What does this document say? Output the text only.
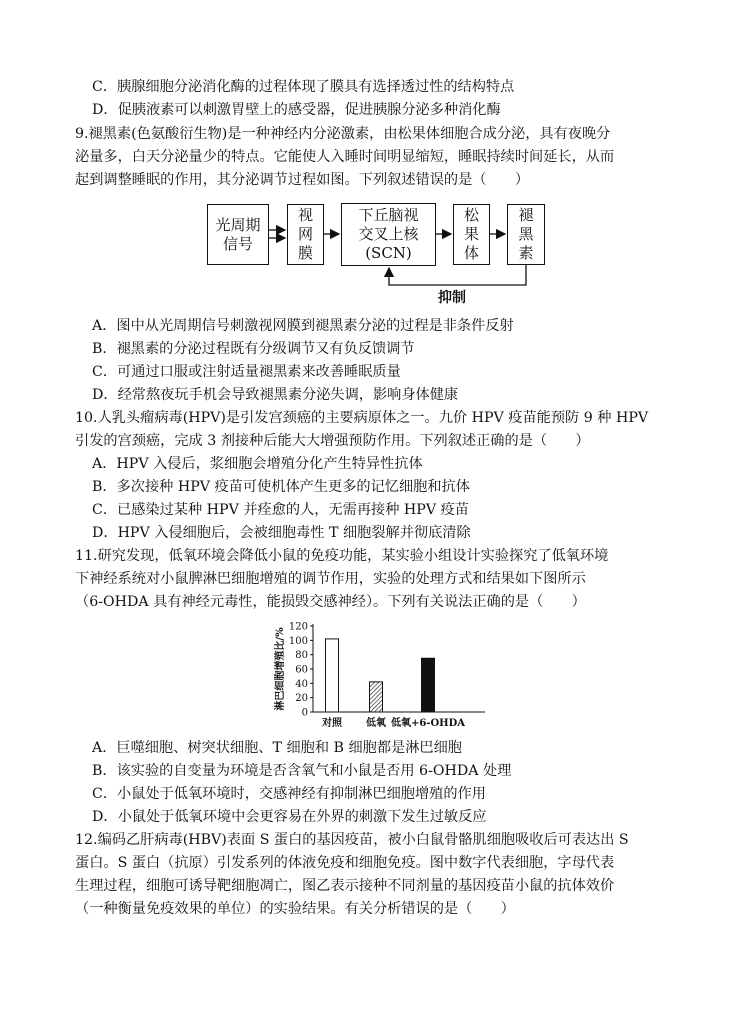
C．胰腺细胞分泌消化酶的过程体现了膜具有选择透过性的结构特点
D．促胰液素可以刺激胃壁上的感受器，促进胰腺分泌多种消化酶
9.褪黑素(色氨酸衍生物)是一种神经内分泌激素，由松果体细胞合成分泌，具有夜晚分
泌量多，白天分泌量少的特点。它能使人入睡时间明显缩短，睡眠持续时间延长，从而
起到调整睡眠的作用，其分泌调节过程如图。下列叙述错误的是（　　）
光周期
信号
视
网
膜
下丘脑视
交叉上核
(SCN)
松
果
体
褪
黑
素
抑制
A．图中从光周期信号刺激视网膜到褪黑素分泌的过程是非条件反射
B．褪黑素的分泌过程既有分级调节又有负反馈调节
C．可通过口服或注射适量褪黑素来改善睡眠质量
D．经常熬夜玩手机会导致褪黑素分泌失调，影响身体健康
10.人乳头瘤病毒(HPV)是引发宫颈癌的主要病原体之一。九价 HPV 疫苗能预防 9 种 HPV
引发的宫颈癌，完成 3 剂接种后能大大增强预防作用。下列叙述正确的是（　　）
A．HPV 入侵后，浆细胞会增殖分化产生特异性抗体
B．多次接种 HPV 疫苗可使机体产生更多的记忆细胞和抗体
C．已感染过某种 HPV 并痊愈的人，无需再接种 HPV 疫苗
D．HPV 入侵细胞后，会被细胞毒性 T 细胞裂解并彻底清除
11.研究发现，低氧环境会降低小鼠的免疫功能，某实验小组设计实验探究了低氧环境
下神经系统对小鼠脾淋巴细胞增殖的调节作用，实验的处理方式和结果如下图所示
（6-OHDA 具有神经元毒性，能损毁交感神经）。下列有关说法正确的是（　　）
0
20
40
60
80
100
120
淋巴细胞增殖比/%
对照 低氧 低氧+6-OHDA
A．巨噬细胞、树突状细胞、T 细胞和 B 细胞都是淋巴细胞
B．该实验的自变量为环境是否含氧气和小鼠是否用 6-OHDA 处理
C．小鼠处于低氧环境时，交感神经有抑制淋巴细胞增殖的作用
D．小鼠处于低氧环境中会更容易在外界的刺激下发生过敏反应
12.编码乙肝病毒(HBV)表面 S 蛋白的基因疫苗，被小白鼠骨骼肌细胞吸收后可表达出 S
蛋白。S 蛋白（抗原）引发系列的体液免疫和细胞免疫。图中数字代表细胞，字母代表
生理过程，细胞可诱导靶细胞凋亡，图乙表示接种不同剂量的基因疫苗小鼠的抗体效价
（一种衡量免疫效果的单位）的实验结果。有关分析错误的是（　　）
